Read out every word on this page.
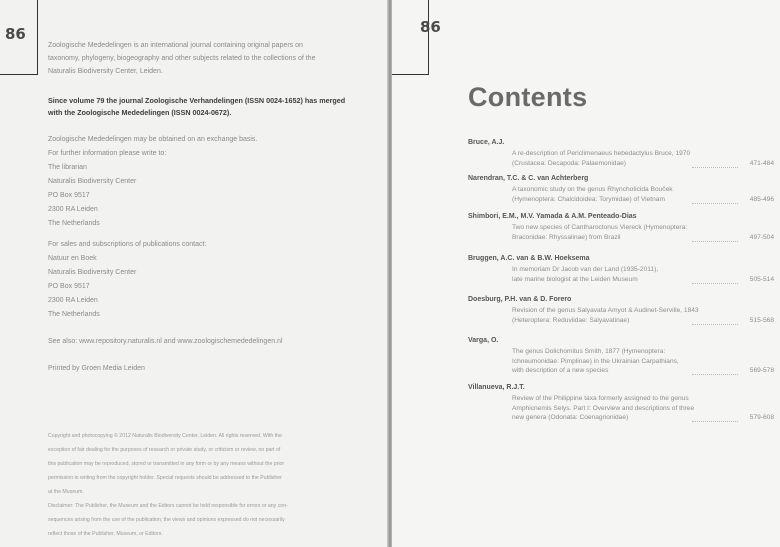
86
Zoologische Mededelingen is an international journal containing original papers on
taxonomy, phylogeny, biogeography and other subjects related to the collections of the
Naturalis Biodiversity Center, Leiden.
Since volume 79 the journal Zoologische Verhandelingen (ISSN 0024-1652) has merged
with the Zoologische Mededelingen (ISSN 0024-0672).
Zoologische Mededelingen may be obtained on an exchange basis.
For further information please write to:
The librarian
Naturalis Biodiversity Center
PO Box 9517
2300 RA Leiden
The Netherlands
For sales and subscriptions of publications contact:
Natuur en Boek
Naturalis Biodiversity Center
PO Box 9517
2300 RA Leiden
The Netherlands
See also: www.repository.naturalis.nl and www.zoologischemededelingen.nl
Printed by Groen Media Leiden
Copyright and photocopying © 2012 Naturalis Biodiversity Center, Leiden. All rights reserved. With the
exception of fair dealing for the purposes of research or private study, or criticism or review, no part of
this publication may be reproduced, stored or transmitted in any form or by any means without the prior
permission in writing from the copyright holder. Special requests should be addressed to the Publisher
at the Museum.
Disclaimer: The Publisher, the Museum and the Editors cannot be held responsible for errors or any con-
sequences arising from the use of the publication; the views and opinions expressed do not necessarily
reflect those of the Publisher, Museum, or Editors.
86
Contents
Bruce, A.J.
A re-description of Periclimenaeus hebedactylus Bruce, 1970
(Crustacea: Decapoda: Palaemonidae)	471-484
Narendran, T.C. & C. van Achterberg
A taxonomic study on the genus Rhynchoticida Bouček
(Hymenoptera: Chalcidoidea: Torymidae) of Vietnam	485-496
Shimbori, E.M., M.V. Yamada & A.M. Penteado-Dias
Two new species of Cantharoctonus Viereck (Hymenoptera:
Braconidae: Rhyssalinae) from Brazil	497-504
Bruggen, A.C. van & B.W. Hoeksema
In memoriam Dr Jacob van der Land (1935-2011),
late marine biologist at the Leiden Museum	505-514
Doesburg, P.H. van & D. Forero
Revision of the genus Salyavata Amyot & Audinet-Serville, 1843
(Heteroptera: Reduviidae: Salyavatinae)	515-568
Varga, O.
The genus Dolichomitus Smith, 1877 (Hymenoptera:
Ichneumonidae: Pimplinae) in the Ukrainian Carpathians,
with description of a new species	569-578
Villanueva, R.J.T.
Review of the Philippine taxa formerly assigned to the genus
Amphicnemis Selys. Part I: Overview and descriptions of three
new genera (Odonata: Coenagrionidae)	579-608
